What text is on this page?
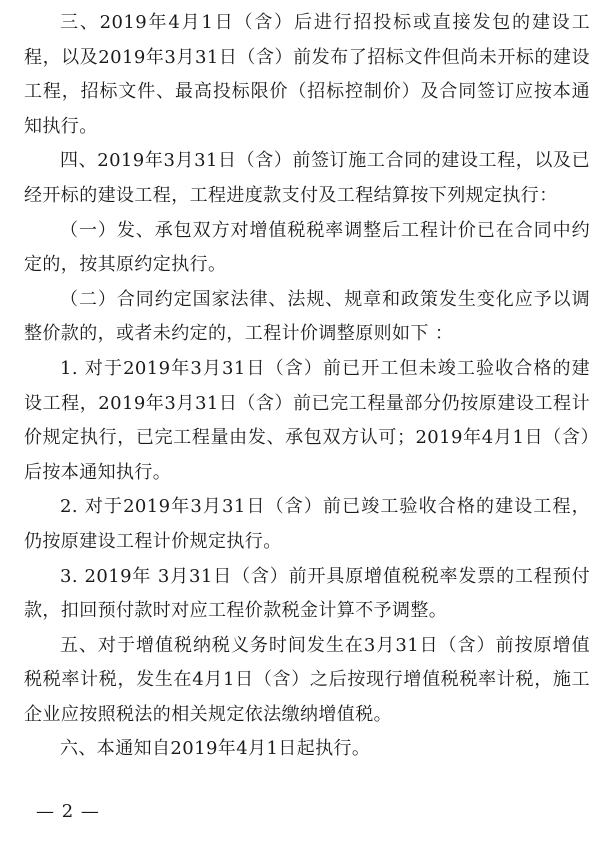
三、2019年4月1日（含）后进行招投标或直接发包的建设工程，以及2019年3月31日（含）前发布了招标文件但尚未开标的建设工程，招标文件、最高投标限价（招标控制价）及合同签订应按本通知执行。

四、2019年3月31日（含）前签订施工合同的建设工程，以及已经开标的建设工程，工程进度款支付及工程结算按下列规定执行：

（一）发、承包双方对增值税税率调整后工程计价已在合同中约定的，按其原约定执行。

（二）合同约定国家法律、法规、规章和政策发生变化应予以调整价款的，或者未约定的，工程计价调整原则如下 ：

1. 对于2019年3月31日（含）前已开工但未竣工验收合格的建设工程，2019年3月31日（含）前已完工程量部分仍按原建设工程计价规定执行，已完工程量由发、承包双方认可；2019年4月1日（含）后按本通知执行。

2. 对于2019年3月31日（含）前已竣工验收合格的建设工程，仍按原建设工程计价规定执行。

3. 2019年 3月31日（含）前开具原增值税税率发票的工程预付款，扣回预付款时对应工程价款税金计算不予调整。

五、对于增值税纳税义务时间发生在3月31日（含）前按原增值税税率计税，发生在4月1日（含）之后按现行增值税税率计税，施工企业应按照税法的相关规定依法缴纳增值税。

六、本通知自2019年4月1日起执行。

— 2 —
